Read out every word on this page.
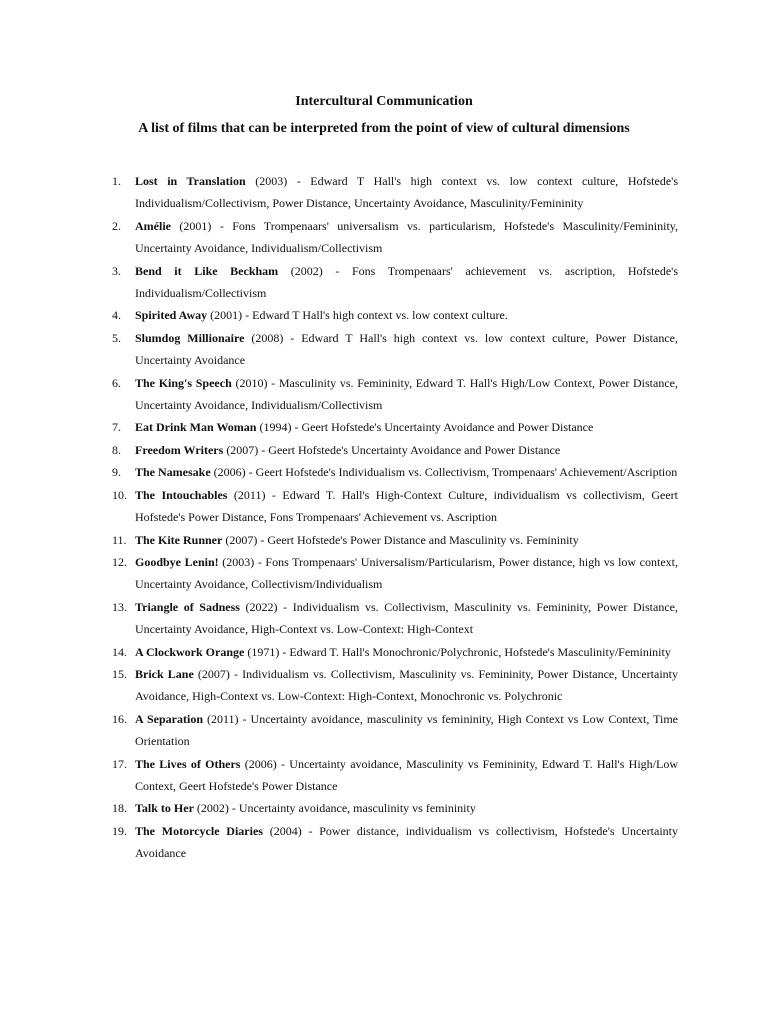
Intercultural Communication
A list of films that can be interpreted from the point of view of cultural dimensions
1. Lost in Translation (2003) - Edward T Hall's high context vs. low context culture, Hofstede's Individualism/Collectivism, Power Distance, Uncertainty Avoidance, Masculinity/Femininity
2. Amélie (2001) - Fons Trompenaars' universalism vs. particularism, Hofstede's Masculinity/Femininity, Uncertainty Avoidance, Individualism/Collectivism
3. Bend it Like Beckham (2002) - Fons Trompenaars' achievement vs. ascription, Hofstede's Individualism/Collectivism
4. Spirited Away (2001) - Edward T Hall's high context vs. low context culture.
5. Slumdog Millionaire (2008) - Edward T Hall's high context vs. low context culture, Power Distance, Uncertainty Avoidance
6. The King's Speech (2010) - Masculinity vs. Femininity, Edward T. Hall's High/Low Context, Power Distance, Uncertainty Avoidance, Individualism/Collectivism
7. Eat Drink Man Woman (1994) - Geert Hofstede's Uncertainty Avoidance and Power Distance
8. Freedom Writers (2007) - Geert Hofstede's Uncertainty Avoidance and Power Distance
9. The Namesake (2006) - Geert Hofstede's Individualism vs. Collectivism, Trompenaars' Achievement/Ascription
10. The Intouchables (2011) - Edward T. Hall's High-Context Culture, individualism vs collectivism, Geert Hofstede's Power Distance, Fons Trompenaars' Achievement vs. Ascription
11. The Kite Runner (2007) - Geert Hofstede's Power Distance and Masculinity vs. Femininity
12. Goodbye Lenin! (2003) - Fons Trompenaars' Universalism/Particularism, Power distance, high vs low context, Uncertainty Avoidance, Collectivism/Individualism
13. Triangle of Sadness (2022) - Individualism vs. Collectivism, Masculinity vs. Femininity, Power Distance, Uncertainty Avoidance, High-Context vs. Low-Context: High-Context
14. A Clockwork Orange (1971) - Edward T. Hall's Monochronic/Polychronic, Hofstede's Masculinity/Femininity
15. Brick Lane (2007) - Individualism vs. Collectivism, Masculinity vs. Femininity, Power Distance, Uncertainty Avoidance, High-Context vs. Low-Context: High-Context, Monochronic vs. Polychronic
16. A Separation (2011) - Uncertainty avoidance, masculinity vs femininity, High Context vs Low Context, Time Orientation
17. The Lives of Others (2006) - Uncertainty avoidance, Masculinity vs Femininity, Edward T. Hall's High/Low Context, Geert Hofstede's Power Distance
18. Talk to Her (2002) - Uncertainty avoidance, masculinity vs femininity
19. The Motorcycle Diaries (2004) - Power distance, individualism vs collectivism, Hofstede's Uncertainty Avoidance
